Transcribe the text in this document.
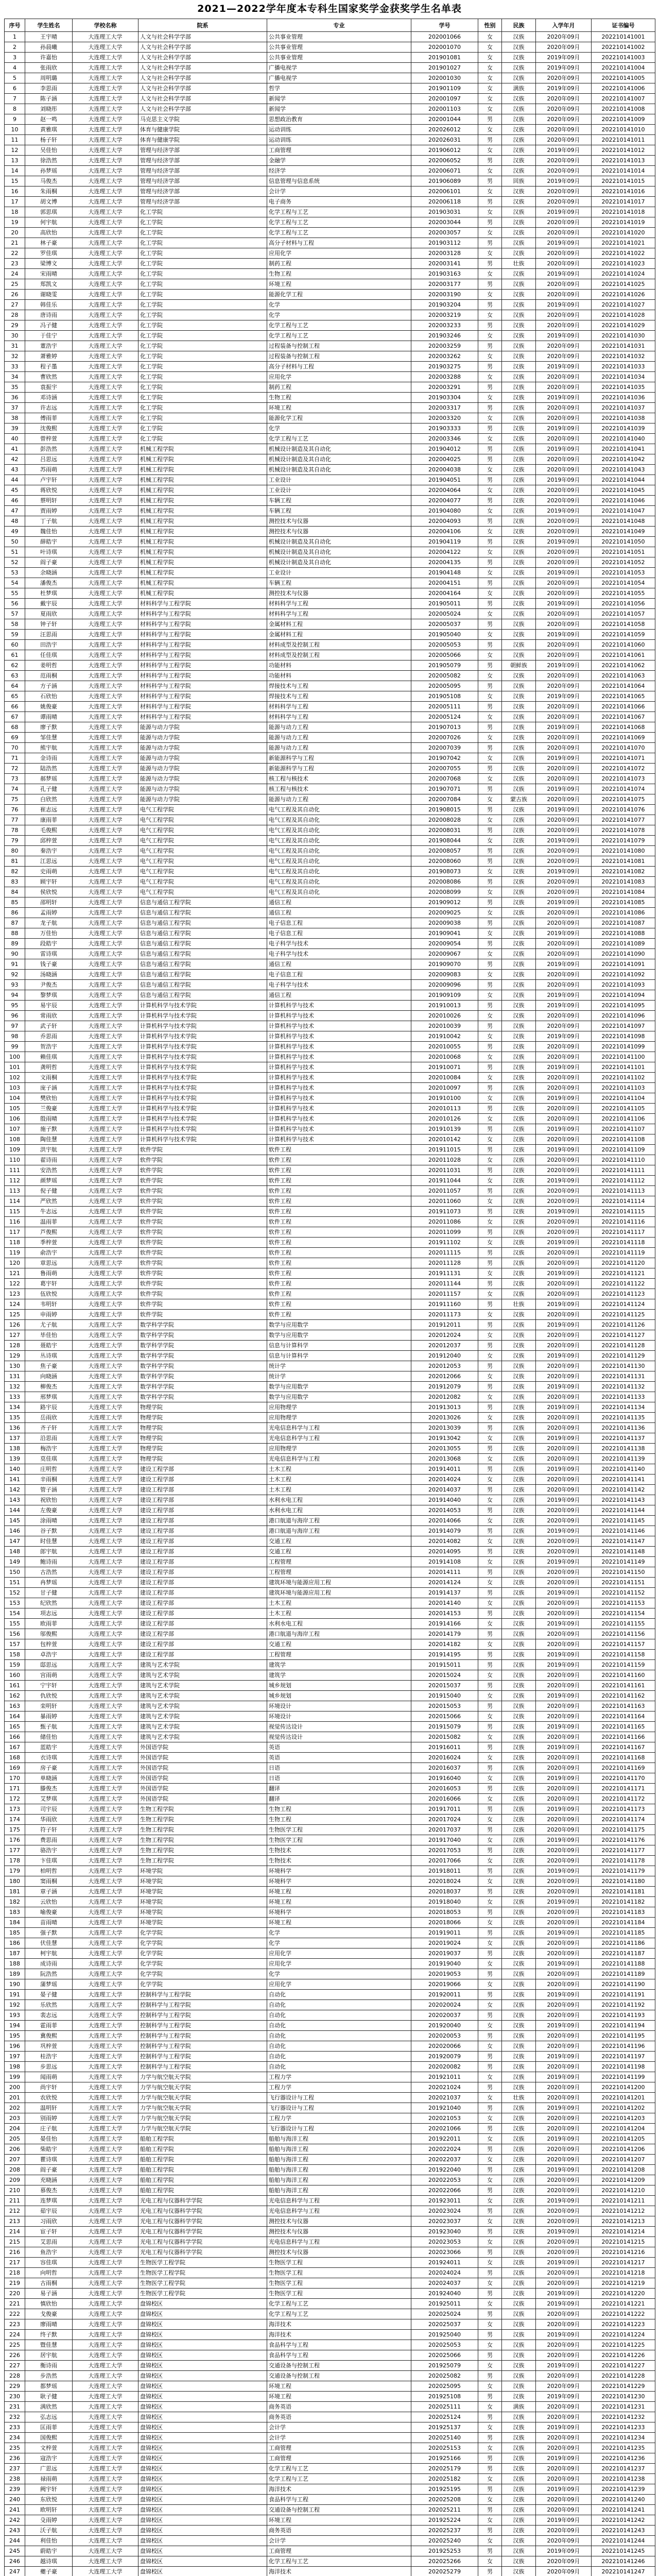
2021—2022学年度本专科生国家奖学金获奖学生名单表
序号	学生姓名	学校名称	院系	专业	学号	性别	民族	入学年月	证书编号
1	王宇晴	大连理工大学	人文与社会科学学部	公共事业管理	202001066	女	汉族	2020年09月	202210141001
2	孙晨曦	大连理工大学	人文与社会科学学部	公共事业管理	202001070	女	汉族	2020年09月	202210141002
3	许嘉怡	大连理工大学	人文与社会科学学部	公共事业管理	201901081	女	汉族	2019年09月	202210141003
4	张雨欣	大连理工大学	人文与社会科学学部	广播电视学	201901027	女	汉族	2019年09月	202210141004
5	周明璐	大连理工大学	人文与社会科学学部	广播电视学	202001030	女	汉族	2020年09月	202210141005
6	李思雨	大连理工大学	人文与社会科学学部	哲学	201901109	女	满族	2019年09月	202210141006
7	陈子涵	大连理工大学	人文与社会科学学部	新闻学	202001097	女	汉族	2020年09月	202210141007
8	刘晓彤	大连理工大学	人文与社会科学学部	新闻学	202001103	女	汉族	2020年09月	202210141008
9	赵一鸣	大连理工大学	马克思主义学院	思想政治教育	202001044	男	汉族	2020年09月	202210141009
10	黄雅琪	大连理工大学	体育与健康学院	运动训练	202026012	女	汉族	2020年09月	202210141010
11	杨子轩	大连理工大学	体育与健康学院	运动训练	202026031	男	汉族	2020年09月	202210141011
12	吴佳怡	大连理工大学	管理与经济学部	工商管理	201906012	女	汉族	2019年09月	202210141012
13	徐浩然	大连理工大学	管理与经济学部	金融学	202006052	男	汉族	2020年09月	202210141013
14	孙梦瑶	大连理工大学	管理与经济学部	经济学	202006071	女	汉族	2020年09月	202210141014
15	马俊杰	大连理工大学	管理与经济学部	信息管理与信息系统	201906089	男	回族	2019年09月	202210141015
16	朱雨桐	大连理工大学	管理与经济学部	会计学	202006101	女	汉族	2020年09月	202210141016
17	胡文博	大连理工大学	管理与经济学部	电子商务	202006118	男	汉族	2020年09月	202210141017
18	郭思琪	大连理工大学	化工学院	化学工程与工艺	201903031	女	汉族	2019年09月	202210141018
19	何宇航	大连理工大学	化工学院	化学工程与工艺	202003044	男	汉族	2020年09月	202210141019
20	高欣怡	大连理工大学	化工学院	化学工程与工艺	202003057	女	汉族	2020年09月	202210141020
21	林子豪	大连理工大学	化工学院	高分子材料与工程	201903112	男	汉族	2019年09月	202210141021
22	罗佳琪	大连理工大学	化工学院	应用化学	202003128	女	汉族	2020年09月	202210141022
23	梁博文	大连理工大学	化工学院	制药工程	202003141	男	壮族	2020年09月	202210141023
24	宋雨晴	大连理工大学	化工学院	生物工程	201903163	女	汉族	2019年09月	202210141024
25	郑凯文	大连理工大学	化工学院	环境工程	202003177	男	汉族	2020年09月	202210141025
26	谢晓雯	大连理工大学	化工学院	能源化学工程	202003190	女	汉族	2020年09月	202210141026
27	韩佳乐	大连理工大学	化工学院	化学	201903204	男	汉族	2019年09月	202210141027
28	唐诗雨	大连理工大学	化工学院	化学	202003219	女	汉族	2020年09月	202210141028
29	冯子健	大连理工大学	化工学院	化学工程与工艺	202003233	男	汉族	2020年09月	202210141029
30	于佳宁	大连理工大学	化工学院	化学工程与工艺	201903246	女	汉族	2019年09月	202210141030
31	董浩宇	大连理工大学	化工学院	过程装备与控制工程	202003259	男	汉族	2020年09月	202210141031
32	萧雅婷	大连理工大学	化工学院	过程装备与控制工程	202003262	女	汉族	2020年09月	202210141032
33	程子墨	大连理工大学	化工学院	高分子材料与工程	201903275	男	汉族	2019年09月	202210141033
34	曹欣然	大连理工大学	化工学院	应用化学	202003288	女	汉族	2020年09月	202210141034
35	袁振宇	大连理工大学	化工学院	制药工程	202003291	男	汉族	2020年09月	202210141035
36	邓诗涵	大连理工大学	化工学院	生物工程	201903304	女	汉族	2019年09月	202210141036
37	许志远	大连理工大学	化工学院	环境工程	202003317	男	汉族	2020年09月	202210141037
38	傅雨菲	大连理工大学	化工学院	能源化学工程	202003320	女	汉族	2020年09月	202210141038
39	沈俊熙	大连理工大学	化工学院	化学	201903333	男	汉族	2019年09月	202210141039
40	曾梓萱	大连理工大学	化工学院	化学工程与工艺	202003346	女	汉族	2020年09月	202210141040
41	彭浩然	大连理工大学	机械工程学院	机械设计制造及其自动化	201904012	男	汉族	2019年09月	202210141041
42	吕思远	大连理工大学	机械工程学院	机械设计制造及其自动化	202004025	男	汉族	2020年09月	202210141042
43	苏雨萌	大连理工大学	机械工程学院	机械设计制造及其自动化	202004038	女	汉族	2020年09月	202210141043
44	卢宇轩	大连理工大学	机械工程学院	工业设计	201904051	男	汉族	2019年09月	202210141044
45	蒋欣悦	大连理工大学	机械工程学院	工业设计	202004064	女	汉族	2020年09月	202210141045
46	蔡明轩	大连理工大学	机械工程学院	车辆工程	202004077	男	汉族	2020年09月	202210141046
47	贾雨婷	大连理工大学	机械工程学院	车辆工程	201904080	女	汉族	2019年09月	202210141047
48	丁子航	大连理工大学	机械工程学院	测控技术与仪器	202004093	男	汉族	2020年09月	202210141048
49	魏佳怡	大连理工大学	机械工程学院	测控技术与仪器	202004106	女	汉族	2020年09月	202210141049
50	薛皓宇	大连理工大学	机械工程学院	机械设计制造及其自动化	201904119	男	汉族	2019年09月	202210141050
51	叶诗琪	大连理工大学	机械工程学院	机械设计制造及其自动化	202004122	女	汉族	2020年09月	202210141051
52	阎子豪	大连理工大学	机械工程学院	机械设计制造及其自动化	202004135	男	汉族	2020年09月	202210141052
53	余晓涵	大连理工大学	机械工程学院	工业设计	201904148	女	汉族	2019年09月	202210141053
54	潘俊杰	大连理工大学	机械工程学院	车辆工程	202004151	男	汉族	2020年09月	202210141054
55	杜梦琪	大连理工大学	机械工程学院	测控技术与仪器	202004164	女	汉族	2020年09月	202210141055
56	戴宇辰	大连理工大学	材料科学与工程学院	材料科学与工程	201905011	男	汉族	2019年09月	202210141056
57	夏雨欣	大连理工大学	材料科学与工程学院	材料科学与工程	202005024	女	汉族	2020年09月	202210141057
58	钟子轩	大连理工大学	材料科学与工程学院	金属材料工程	202005037	男	汉族	2020年09月	202210141058
59	汪思雨	大连理工大学	材料科学与工程学院	金属材料工程	201905040	女	汉族	2019年09月	202210141059
60	田浩宇	大连理工大学	材料科学与工程学院	材料成型及控制工程	202005053	男	汉族	2020年09月	202210141060
61	任佳琪	大连理工大学	材料科学与工程学院	材料成型及控制工程	202005066	女	汉族	2020年09月	202210141061
62	姜明哲	大连理工大学	材料科学与工程学院	功能材料	201905079	男	朝鲜族	2019年09月	202210141062
63	范雨桐	大连理工大学	材料科学与工程学院	功能材料	202005082	女	汉族	2020年09月	202210141063
64	方子涵	大连理工大学	材料科学与工程学院	焊接技术与工程	202005095	男	汉族	2020年09月	202210141064
65	石欣怡	大连理工大学	材料科学与工程学院	焊接技术与工程	201905108	女	汉族	2019年09月	202210141065
66	姚俊豪	大连理工大学	材料科学与工程学院	材料科学与工程	202005111	男	汉族	2020年09月	202210141066
67	谭雨晴	大连理工大学	材料科学与工程学院	材料科学与工程	202005124	女	汉族	2020年09月	202210141067
68	廖子默	大连理工大学	能源与动力学院	能源与动力工程	201907013	男	汉族	2019年09月	202210141068
69	邹佳慧	大连理工大学	能源与动力学院	能源与动力工程	202007026	女	汉族	2020年09月	202210141069
70	熊宇航	大连理工大学	能源与动力学院	能源与动力工程	202007039	男	汉族	2020年09月	202210141070
71	金诗雨	大连理工大学	能源与动力学院	新能源科学与工程	201907042	女	汉族	2019年09月	202210141071
72	陆浩然	大连理工大学	能源与动力学院	新能源科学与工程	202007055	男	汉族	2020年09月	202210141072
73	郝梦瑶	大连理工大学	能源与动力学院	核工程与核技术	202007068	女	汉族	2020年09月	202210141073
74	孔子健	大连理工大学	能源与动力学院	核工程与核技术	201907071	男	汉族	2019年09月	202210141074
75	白欣然	大连理工大学	能源与动力学院	能源与动力工程	202007084	女	蒙古族	2020年09月	202210141075
76	崔志远	大连理工大学	电气工程学院	电气工程及其自动化	201908015	男	汉族	2019年09月	202210141076
77	康雨菲	大连理工大学	电气工程学院	电气工程及其自动化	202008028	女	汉族	2020年09月	202210141077
78	毛俊熙	大连理工大学	电气工程学院	电气工程及其自动化	202008031	男	汉族	2020年09月	202210141078
79	邱梓萱	大连理工大学	电气工程学院	电气工程及其自动化	201908044	女	汉族	2019年09月	202210141079
80	秦浩宇	大连理工大学	电气工程学院	电气工程及其自动化	202008057	男	汉族	2020年09月	202210141080
81	江思远	大连理工大学	电气工程学院	电气工程及其自动化	202008060	男	汉族	2020年09月	202210141081
82	史雨萌	大连理工大学	电气工程学院	电气工程及其自动化	201908073	女	汉族	2019年09月	202210141082
83	顾宇轩	大连理工大学	电气工程学院	电气工程及其自动化	202008086	男	汉族	2020年09月	202210141083
84	侯欣悦	大连理工大学	电气工程学院	电气工程及其自动化	202008099	女	汉族	2020年09月	202210141084
85	邵明轩	大连理工大学	信息与通信工程学院	通信工程	201909012	男	汉族	2019年09月	202210141085
86	孟雨婷	大连理工大学	信息与通信工程学院	通信工程	202009025	女	汉族	2020年09月	202210141086
87	龙子航	大连理工大学	信息与通信工程学院	电子信息工程	202009038	男	汉族	2020年09月	202210141087
88	万佳怡	大连理工大学	信息与通信工程学院	电子信息工程	201909041	女	汉族	2019年09月	202210141088
89	段皓宇	大连理工大学	信息与通信工程学院	电子科学与技术	202009054	男	汉族	2020年09月	202210141089
90	雷诗琪	大连理工大学	信息与通信工程学院	电子科学与技术	202009067	女	汉族	2020年09月	202210141090
91	钱子豪	大连理工大学	信息与通信工程学院	通信工程	201909070	男	汉族	2019年09月	202210141091
92	汤晓涵	大连理工大学	信息与通信工程学院	电子信息工程	202009083	女	汉族	2020年09月	202210141092
93	尹俊杰	大连理工大学	信息与通信工程学院	电子科学与技术	202009096	男	汉族	2020年09月	202210141093
94	黎梦琪	大连理工大学	信息与通信工程学院	通信工程	201909109	女	汉族	2019年09月	202210141094
95	易宇辰	大连理工大学	计算机科学与技术学院	计算机科学与技术	201910013	男	汉族	2019年09月	202210141095
96	常雨欣	大连理工大学	计算机科学与技术学院	计算机科学与技术	202010026	女	汉族	2020年09月	202210141096
97	武子轩	大连理工大学	计算机科学与技术学院	计算机科学与技术	202010039	男	汉族	2020年09月	202210141097
98	乔思雨	大连理工大学	计算机科学与技术学院	计算机科学与技术	201910042	女	汉族	2019年09月	202210141098
99	贺浩宇	大连理工大学	计算机科学与技术学院	计算机科学与技术	202010055	男	汉族	2020年09月	202210141099
100	赖佳琪	大连理工大学	计算机科学与技术学院	计算机科学与技术	202010068	女	汉族	2020年09月	202210141100
101	龚明哲	大连理工大学	计算机科学与技术学院	计算机科学与技术	201910071	男	汉族	2019年09月	202210141101
102	文雨桐	大连理工大学	计算机科学与技术学院	计算机科学与技术	202010084	女	汉族	2020年09月	202210141102
103	庞子涵	大连理工大学	计算机科学与技术学院	计算机科学与技术	202010097	男	汉族	2020年09月	202210141103
104	樊欣怡	大连理工大学	计算机科学与技术学院	计算机科学与技术	201910100	女	汉族	2019年09月	202210141104
105	兰俊豪	大连理工大学	计算机科学与技术学院	计算机科学与技术	202010113	男	汉族	2020年09月	202210141105
106	殷雨晴	大连理工大学	计算机科学与技术学院	计算机科学与技术	202010126	女	汉族	2020年09月	202210141106
107	施子默	大连理工大学	计算机科学与技术学院	计算机科学与技术	201910139	男	汉族	2019年09月	202210141107
108	陶佳慧	大连理工大学	计算机科学与技术学院	计算机科学与技术	202010142	女	汉族	2020年09月	202210141108
109	洪宇航	大连理工大学	软件学院	软件工程	201911015	男	汉族	2019年09月	202210141109
110	翟诗雨	大连理工大学	软件学院	软件工程	202011028	女	汉族	2020年09月	202210141110
111	安浩然	大连理工大学	软件学院	软件工程	202011031	男	汉族	2020年09月	202210141111
112	颜梦瑶	大连理工大学	软件学院	软件工程	201911044	女	汉族	2019年09月	202210141112
113	倪子健	大连理工大学	软件学院	软件工程	202011057	男	汉族	2020年09月	202210141113
114	严欣然	大连理工大学	软件学院	软件工程	202011060	女	汉族	2020年09月	202210141114
115	牛志远	大连理工大学	软件学院	软件工程	201911073	男	汉族	2019年09月	202210141115
116	温雨菲	大连理工大学	软件学院	软件工程	202011086	女	汉族	2020年09月	202210141116
117	芦俊熙	大连理工大学	软件学院	软件工程	202011099	男	汉族	2020年09月	202210141117
118	季梓萱	大连理工大学	软件学院	软件工程	201911102	女	汉族	2019年09月	202210141118
119	俞浩宇	大连理工大学	软件学院	软件工程	202011115	男	汉族	2020年09月	202210141119
120	章思远	大连理工大学	软件学院	软件工程	202011128	男	汉族	2020年09月	202210141120
121	鲁雨萌	大连理工大学	软件学院	软件工程	201911131	女	汉族	2019年09月	202210141121
122	葛宇轩	大连理工大学	软件学院	软件工程	202011144	男	汉族	2020年09月	202210141122
123	伍欣悦	大连理工大学	软件学院	软件工程	202011157	女	汉族	2020年09月	202210141123
124	韦明轩	大连理工大学	软件学院	软件工程	201911160	男	壮族	2019年09月	202210141124
125	申雨婷	大连理工大学	软件学院	软件工程	202011173	女	汉族	2020年09月	202210141125
126	尤子航	大连理工大学	数学科学学院	数学与应用数学	201912011	男	汉族	2019年09月	202210141126
127	毕佳怡	大连理工大学	数学科学学院	数学与应用数学	202012024	女	汉族	2020年09月	202210141127
128	聂皓宇	大连理工大学	数学科学学院	信息与计算科学	202012037	男	汉族	2020年09月	202210141128
129	丛诗琪	大连理工大学	数学科学学院	信息与计算科学	201912040	女	汉族	2019年09月	202210141129
130	焦子豪	大连理工大学	数学科学学院	统计学	202012053	男	汉族	2020年09月	202210141130
131	向晓涵	大连理工大学	数学科学学院	统计学	202012066	女	汉族	2020年09月	202210141131
132	柳俊杰	大连理工大学	数学科学学院	数学与应用数学	201912079	男	汉族	2019年09月	202210141132
133	邢梦琪	大连理工大学	数学科学学院	数学与应用数学	202012082	女	汉族	2020年09月	202210141133
134	路宇辰	大连理工大学	物理学院	应用物理学	201913013	男	汉族	2019年09月	202210141134
135	岳雨欣	大连理工大学	物理学院	应用物理学	202013026	女	汉族	2020年09月	202210141135
136	齐子轩	大连理工大学	物理学院	光电信息科学与工程	202013039	男	汉族	2020年09月	202210141136
137	沿思雨	大连理工大学	物理学院	光电信息科学与工程	201913042	女	汉族	2019年09月	202210141137
138	梅浩宇	大连理工大学	物理学院	应用物理学	202013055	男	汉族	2020年09月	202210141138
139	莫佳琪	大连理工大学	物理学院	光电信息科学与工程	202013068	女	汉族	2020年09月	202210141139
140	庄明哲	大连理工大学	建设工程学部	土木工程	201914011	男	汉族	2019年09月	202210141140
141	辛雨桐	大连理工大学	建设工程学部	土木工程	202014024	女	汉族	2020年09月	202210141141
142	管子涵	大连理工大学	建设工程学部	土木工程	202014037	男	汉族	2020年09月	202210141142
143	祝欣怡	大连理工大学	建设工程学部	水利水电工程	201914040	女	汉族	2019年09月	202210141143
144	左俊豪	大连理工大学	建设工程学部	水利水电工程	202014053	男	汉族	2020年09月	202210141144
145	涂雨晴	大连理工大学	建设工程学部	港口航道与海岸工程	202014066	女	汉族	2020年09月	202210141145
146	谷子默	大连理工大学	建设工程学部	港口航道与海岸工程	201914079	男	汉族	2019年09月	202210141146
147	时佳慧	大连理工大学	建设工程学部	交通工程	202014082	女	汉族	2020年09月	202210141147
148	郎宇航	大连理工大学	建设工程学部	交通工程	202014095	男	汉族	2020年09月	202210141148
149	鲍诗雨	大连理工大学	建设工程学部	工程管理	201914108	女	汉族	2019年09月	202210141149
150	古浩然	大连理工大学	建设工程学部	工程管理	202014111	男	汉族	2020年09月	202210141150
151	冉梦瑶	大连理工大学	建设工程学部	建筑环境与能源应用工程	202014124	女	汉族	2020年09月	202210141151
152	甘子健	大连理工大学	建设工程学部	建筑环境与能源应用工程	201914137	男	汉族	2019年09月	202210141152
153	纪欣然	大连理工大学	建设工程学部	土木工程	202014140	女	汉族	2020年09月	202210141153
154	项志远	大连理工大学	建设工程学部	土木工程	202014153	男	汉族	2020年09月	202210141154
155	欧雨菲	大连理工大学	建设工程学部	水利水电工程	201914166	女	汉族	2019年09月	202210141155
156	邬俊熙	大连理工大学	建设工程学部	港口航道与海岸工程	202014179	男	汉族	2020年09月	202210141156
157	包梓萱	大连理工大学	建设工程学部	交通工程	202014182	女	汉族	2020年09月	202210141157
158	卓浩宇	大连理工大学	建设工程学部	工程管理	201914195	男	汉族	2019年09月	202210141158
159	邸思远	大连理工大学	建筑与艺术学院	建筑学	201915011	男	汉族	2019年09月	202210141159
160	宫雨萌	大连理工大学	建筑与艺术学院	建筑学	202015024	女	汉族	2020年09月	202210141160
161	宁宇轩	大连理工大学	建筑与艺术学院	城乡规划	202015037	男	汉族	2020年09月	202210141161
162	仇欣悦	大连理工大学	建筑与艺术学院	城乡规划	201915040	女	汉族	2019年09月	202210141162
163	栾明轩	大连理工大学	建筑与艺术学院	环境设计	202015053	男	汉族	2020年09月	202210141163
164	暴雨婷	大连理工大学	建筑与艺术学院	环境设计	202015066	女	汉族	2020年09月	202210141164
165	甄子航	大连理工大学	建筑与艺术学院	视觉传达设计	201915079	男	汉族	2019年09月	202210141165
166	储佳怡	大连理工大学	建筑与艺术学院	视觉传达设计	202015082	女	汉族	2020年09月	202210141166
167	蓝皓宇	大连理工大学	外国语学院	英语	201916011	男	汉族	2019年09月	202210141167
168	衣诗琪	大连理工大学	外国语学院	英语	202016024	女	汉族	2020年09月	202210141168
169	房子豪	大连理工大学	外国语学院	日语	202016037	男	汉族	2020年09月	202210141169
170	单晓涵	大连理工大学	外国语学院	日语	201916040	女	汉族	2019年09月	202210141170
171	滕俊杰	大连理工大学	外国语学院	翻译	202016053	男	汉族	2020年09月	202210141171
172	艾梦琪	大连理工大学	外国语学院	翻译	202016066	女	汉族	2020年09月	202210141172
173	司宇辰	大连理工大学	生物工程学院	生物工程	201917011	男	汉族	2019年09月	202210141173
174	华雨欣	大连理工大学	生物工程学院	生物工程	202017024	女	汉族	2020年09月	202210141174
175	符子轩	大连理工大学	生物工程学院	生物医学工程	202017037	男	汉族	2020年09月	202210141175
176	费思雨	大连理工大学	生物工程学院	生物医学工程	201917040	女	汉族	2019年09月	202210141176
177	骆浩宇	大连理工大学	生物工程学院	生物技术	202017053	男	汉族	2020年09月	202210141177
178	卞佳琪	大连理工大学	生物工程学院	生物技术	202017066	女	汉族	2020年09月	202210141178
179	柏明哲	大连理工大学	环境学院	环境科学	201918011	男	汉族	2019年09月	202210141179
180	窦雨桐	大连理工大学	环境学院	环境科学	202018024	女	汉族	2020年09月	202210141180
181	章子涵	大连理工大学	环境学院	环境工程	202018037	男	汉族	2020年09月	202210141181
182	云欣怡	大连理工大学	环境学院	环境工程	201918040	女	汉族	2019年09月	202210141182
183	喻俊豪	大连理工大学	环境学院	环境科学	202018053	男	汉族	2020年09月	202210141183
184	苗雨晴	大连理工大学	环境学院	环境工程	202018066	女	汉族	2020年09月	202210141184
185	强子默	大连理工大学	化学学院	化学	201919011	男	汉族	2019年09月	202210141185
186	伏佳慧	大连理工大学	化学学院	化学	202019024	女	汉族	2020年09月	202210141186
187	柯宇航	大连理工大学	化学学院	应用化学	202019037	男	汉族	2020年09月	202210141187
188	成诗雨	大连理工大学	化学学院	应用化学	201919040	女	汉族	2019年09月	202210141188
189	阮浩然	大连理工大学	化学学院	化学	202019053	男	汉族	2020年09月	202210141189
190	蒲梦瑶	大连理工大学	化学学院	应用化学	202019066	女	汉族	2020年09月	202210141190
191	晏子健	大连理工大学	控制科学与工程学院	自动化	201920011	男	汉族	2019年09月	202210141191
192	乐欣然	大连理工大学	控制科学与工程学院	自动化	202020024	女	汉族	2020年09月	202210141192
193	裴志远	大连理工大学	控制科学与工程学院	自动化	202020037	男	汉族	2020年09月	202210141193
194	霍雨菲	大连理工大学	控制科学与工程学院	自动化	201920040	女	汉族	2019年09月	202210141194
195	冀俊熙	大连理工大学	控制科学与工程学院	自动化	202020053	男	汉族	2020年09月	202210141195
196	巩梓萱	大连理工大学	控制科学与工程学院	自动化	202020066	女	汉族	2020年09月	202210141196
197	桂浩宇	大连理工大学	控制科学与工程学院	自动化	201920079	男	汉族	2019年09月	202210141197
198	步思远	大连理工大学	控制科学与工程学院	自动化	202020082	男	汉族	2020年09月	202210141198
199	闻雨萌	大连理工大学	力学与航空航天学院	工程力学	201921011	女	汉族	2019年09月	202210141199
200	尚宇轩	大连理工大学	力学与航空航天学院	工程力学	202021024	男	汉族	2020年09月	202210141200
201	农欣悦	大连理工大学	力学与航空航天学院	飞行器设计与工程	202021037	女	壮族	2020年09月	202210141201
202	温明轩	大连理工大学	力学与航空航天学院	飞行器设计与工程	201921040	男	汉族	2019年09月	202210141202
203	别雨婷	大连理工大学	力学与航空航天学院	工程力学	202021053	女	汉族	2020年09月	202210141203
204	庄子航	大连理工大学	力学与航空航天学院	飞行器设计与工程	202021066	男	汉族	2020年09月	202210141204
205	晏佳怡	大连理工大学	船舶工程学院	船舶与海洋工程	201922011	女	汉族	2019年09月	202210141205
206	柴皓宇	大连理工大学	船舶工程学院	船舶与海洋工程	202022024	男	汉族	2020年09月	202210141206
207	瞿诗琪	大连理工大学	船舶工程学院	船舶与海洋工程	202022037	女	汉族	2020年09月	202210141207
208	阎子豪	大连理工大学	船舶工程学院	船舶与海洋工程	201922040	男	汉族	2019年09月	202210141208
209	充晓涵	大连理工大学	船舶工程学院	船舶与海洋工程	202022053	女	汉族	2020年09月	202210141209
210	慕俊杰	大连理工大学	船舶工程学院	船舶与海洋工程	202022066	男	汉族	2020年09月	202210141210
211	连梦琪	大连理工大学	光电工程与仪器科学学院	光电信息科学与工程	201923011	女	汉族	2019年09月	202210141211
212	茹宇辰	大连理工大学	光电工程与仪器科学学院	光电信息科学与工程	202023024	男	汉族	2020年09月	202210141212
213	习雨欣	大连理工大学	光电工程与仪器科学学院	测控技术与仪器	202023037	女	汉族	2020年09月	202210141213
214	宦子轩	大连理工大学	光电工程与仪器科学学院	测控技术与仪器	201923040	男	汉族	2019年09月	202210141214
215	艾思雨	大连理工大学	光电工程与仪器科学学院	光电信息科学与工程	202023053	女	汉族	2020年09月	202210141215
216	鱼浩宇	大连理工大学	光电工程与仪器科学学院	测控技术与仪器	202023066	男	汉族	2020年09月	202210141216
217	容佳琪	大连理工大学	生物医学工程学院	生物医学工程	201924011	女	汉族	2019年09月	202210141217
218	向明哲	大连理工大学	生物医学工程学院	生物医学工程	202024024	男	汉族	2020年09月	202210141218
219	古雨桐	大连理工大学	生物医学工程学院	生物医学工程	202024037	女	汉族	2020年09月	202210141219
220	易子涵	大连理工大学	生物医学工程学院	生物医学工程	201924040	男	汉族	2019年09月	202210141220
221	慎欣怡	大连理工大学	盘锦校区	化学工程与工艺	201925011	女	汉族	2019年09月	202210141221
222	戈俊豪	大连理工大学	盘锦校区	化学工程与工艺	202025024	男	汉族	2020年09月	202210141222
223	廖雨晴	大连理工大学	盘锦校区	海洋技术	202025037	女	汉族	2020年09月	202210141223
224	终子默	大连理工大学	盘锦校区	海洋技术	201925040	男	汉族	2019年09月	202210141224
225	暨佳慧	大连理工大学	盘锦校区	食品科学与工程	202025053	女	汉族	2020年09月	202210141225
226	居宇航	大连理工大学	盘锦校区	食品科学与工程	202025066	男	汉族	2020年09月	202210141226
227	衡诗雨	大连理工大学	盘锦校区	交通设备与控制工程	201925079	女	汉族	2019年09月	202210141227
228	步浩然	大连理工大学	盘锦校区	交通设备与控制工程	202025082	男	汉族	2020年09月	202210141228
229	都梦瑶	大连理工大学	盘锦校区	环境工程	202025095	女	汉族	2020年09月	202210141229
230	耿子健	大连理工大学	盘锦校区	环境工程	201925108	男	汉族	2019年09月	202210141230
231	满欣然	大连理工大学	盘锦校区	商务英语	202025111	女	满族	2020年09月	202210141231
232	弘志远	大连理工大学	盘锦校区	商务英语	202025124	男	汉族	2020年09月	202210141232
233	匡雨菲	大连理工大学	盘锦校区	会计学	201925137	女	汉族	2019年09月	202210141233
234	国俊熙	大连理工大学	盘锦校区	会计学	202025140	男	汉族	2020年09月	202210141234
235	文梓萱	大连理工大学	盘锦校区	工商管理	202025153	女	汉族	2020年09月	202210141235
236	寇浩宇	大连理工大学	盘锦校区	工商管理	201925166	男	汉族	2019年09月	202210141236
237	广思远	大连理工大学	盘锦校区	化学工程与工艺	202025179	男	汉族	2020年09月	202210141237
238	禄雨萌	大连理工大学	盘锦校区	化学工程与工艺	202025182	女	汉族	2020年09月	202210141238
239	阙宇轩	大连理工大学	盘锦校区	海洋技术	201925195	男	汉族	2019年09月	202210141239
240	东欣悦	大连理工大学	盘锦校区	食品科学与工程	202025208	女	汉族	2020年09月	202210141240
241	欧明轩	大连理工大学	盘锦校区	交通设备与控制工程	202025211	男	汉族	2020年09月	202210141241
242	殳雨婷	大连理工大学	盘锦校区	环境工程	201925224	女	汉族	2019年09月	202210141242
243	沃子航	大连理工大学	盘锦校区	商务英语	202025237	男	汉族	2020年09月	202210141243
244	利佳怡	大连理工大学	盘锦校区	会计学	202025240	女	汉族	2020年09月	202210141244
245	蔚皓宇	大连理工大学	盘锦校区	工商管理	201925253	男	汉族	2019年09月	202210141245
246	越诗琪	大连理工大学	盘锦校区	化学工程与工艺	202025266	女	汉族	2020年09月	202210141246
247	夔子豪	大连理工大学	盘锦校区	海洋技术	202025279	男	汉族	2020年09月	202210141247
